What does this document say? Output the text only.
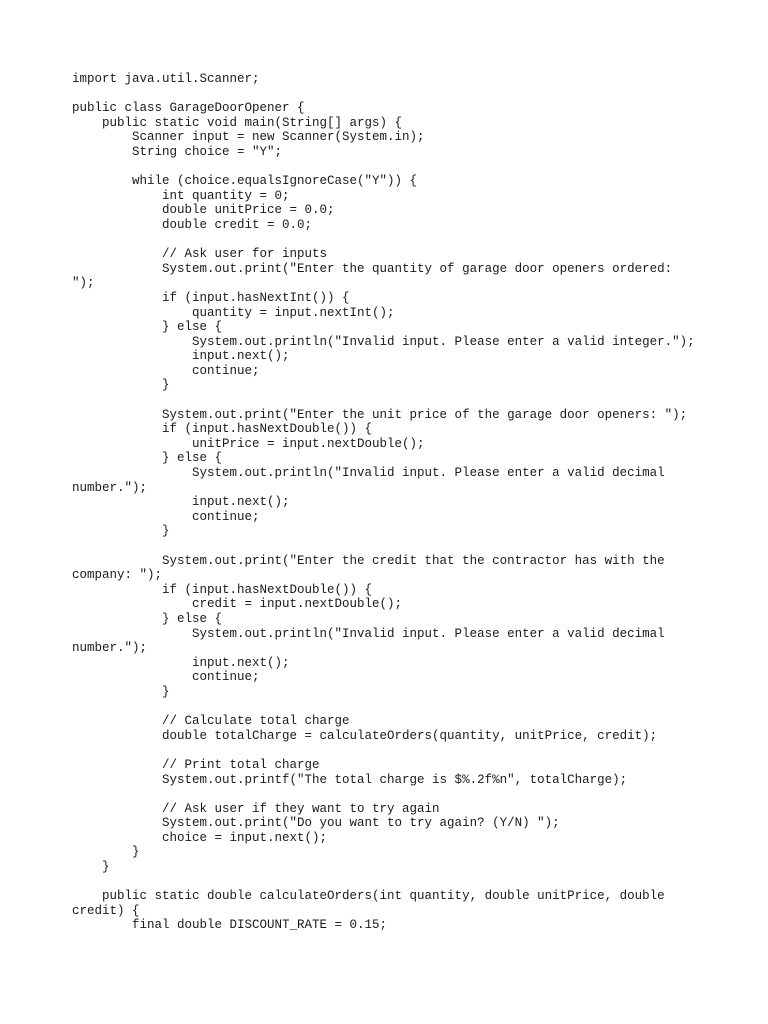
import java.util.Scanner;
public class GarageDoorOpener {
public static void main(String[] args) {
Scanner input = new Scanner(System.in);
String choice = "Y";
while (choice.equalsIgnoreCase("Y")) {
int quantity = 0;
double unitPrice = 0.0;
double credit = 0.0;
// Ask user for inputs
System.out.print("Enter the quantity of garage door openers ordered:
");
if (input.hasNextInt()) {
quantity = input.nextInt();
} else {
System.out.println("Invalid input. Please enter a valid integer.");
input.next();
continue;
}
System.out.print("Enter the unit price of the garage door openers: ");
if (input.hasNextDouble()) {
unitPrice = input.nextDouble();
} else {
System.out.println("Invalid input. Please enter a valid decimal
number.");
input.next();
continue;
}
System.out.print("Enter the credit that the contractor has with the
company: ");
if (input.hasNextDouble()) {
credit = input.nextDouble();
} else {
System.out.println("Invalid input. Please enter a valid decimal
number.");
input.next();
continue;
}
// Calculate total charge
double totalCharge = calculateOrders(quantity, unitPrice, credit);
// Print total charge
System.out.printf("The total charge is $%.2f%n", totalCharge);
// Ask user if they want to try again
System.out.print("Do you want to try again? (Y/N) ");
choice = input.next();
}
}
public static double calculateOrders(int quantity, double unitPrice, double
credit) {
final double DISCOUNT_RATE = 0.15;
